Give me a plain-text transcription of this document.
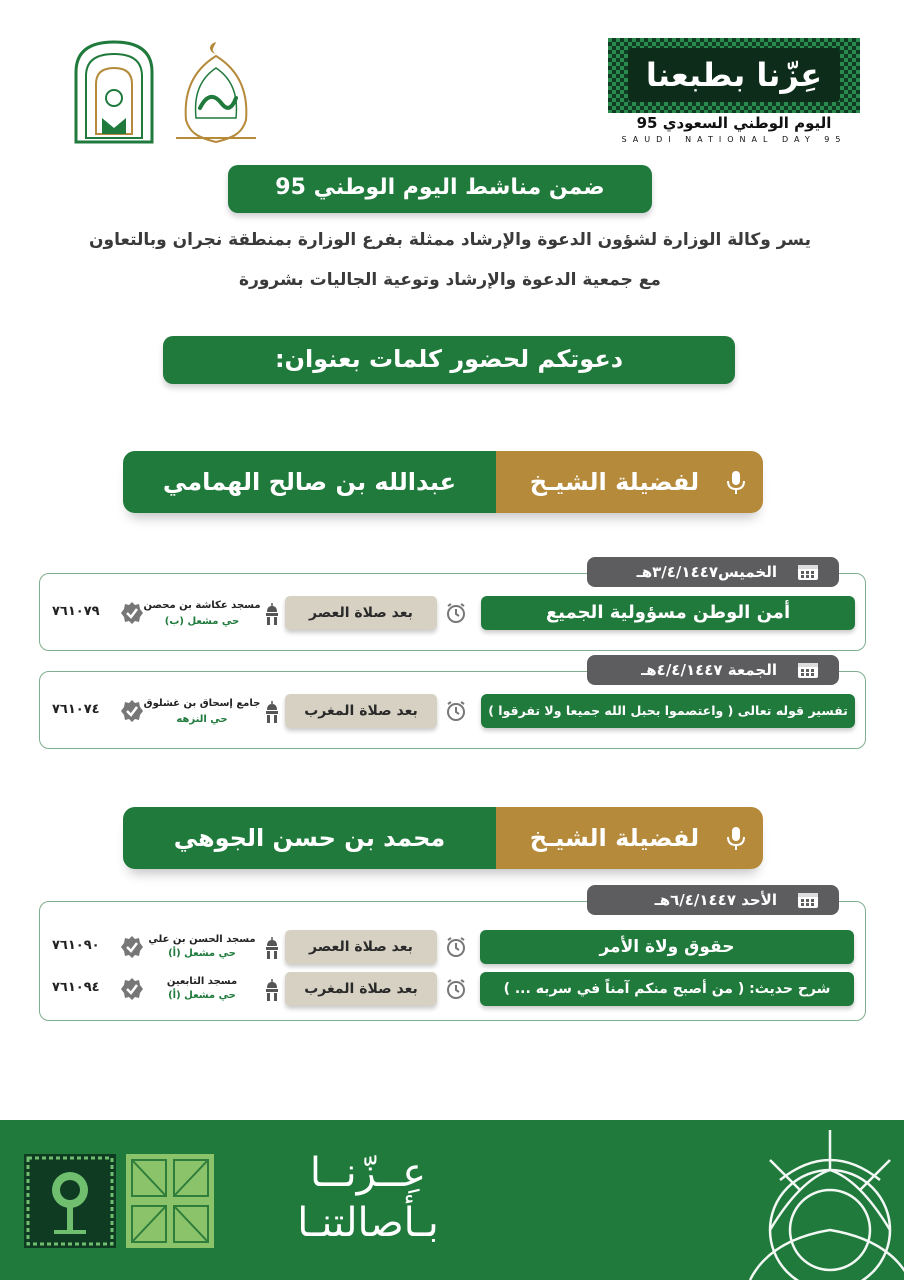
عِزّنا بطبعنا
اليوم الوطني السعودي 95
SAUDI NATIONAL DAY 95
ضمن مناشط اليوم الوطني 95
يسر وكالة الوزارة لشؤون الدعوة والإرشاد ممثلة بفرع الوزارة بمنطقة نجران وبالتعاون
مع جمعية الدعوة والإرشاد وتوعية الجاليات بشرورة
دعوتكم لحضور كلمات بعنوان:
لفضيلة الشيـخ
عبدالله بن صالح الهمامي
أمن الوطن مسؤولية الجميع
بعد صلاة العصر
مسجد عكاشة بن محصن
حي مشعل (ب)
٧٦١٠٧٩
الخميس٣/٤/١٤٤٧هـ
تفسير قوله تعالى ( واعتصموا بحبل الله جميعا ولا تفرقوا )
بعد صلاة المغرب
جامع إسحاق بن غشلوق
حي النزهه
٧٦١٠٧٤
الجمعة ٤/٤/١٤٤٧هـ
لفضيلة الشيـخ
محمد بن حسن الجوهي
حقوق ولاة الأمر
بعد صلاة العصر
مسجد الحسن بن علي
حي مشعل (أ)
٧٦١٠٩٠
شرح حديث: ( من أصبح منكم آمناً في سربه ... )
بعد صلاة المغرب
مسجد التابعين
حي مشعل (أ)
٧٦١٠٩٤
الأحد ٦/٤/١٤٤٧هـ
عِــزّنــا
بـأصالتنـا
